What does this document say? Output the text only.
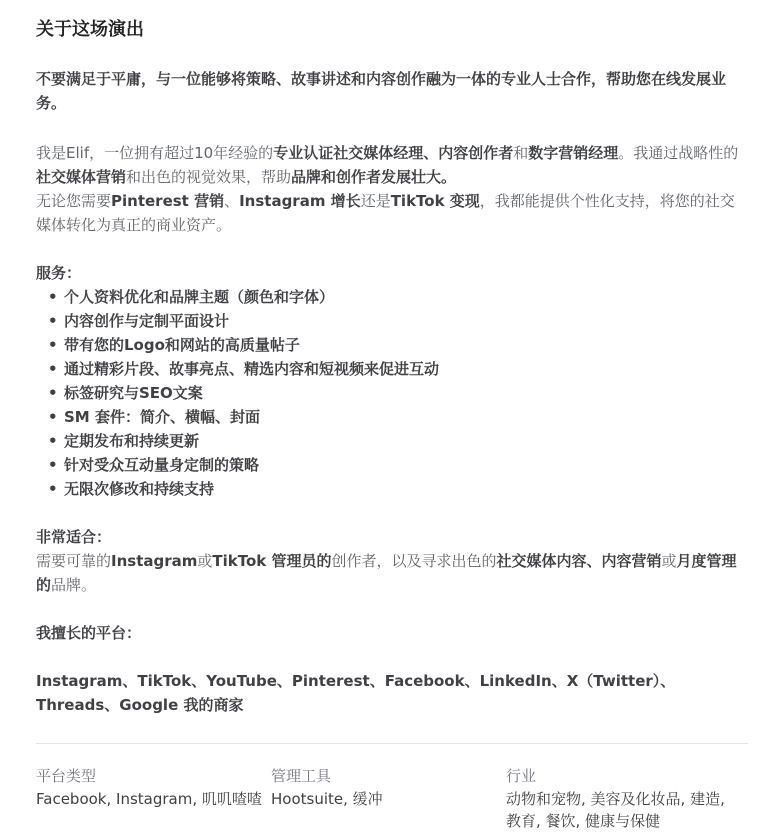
关于这场演出

不要满足于平庸，与一位能够将策略、故事讲述和内容创作融为一体的专业人士合作，帮助您在线发展业务。

我是Elif，一位拥有超过10年经验的专业认证社交媒体经理、内容创作者和数字营销经理。我通过战略性的社交媒体营销和出色的视觉效果，帮助品牌和创作者发展壮大。

无论您需要Pinterest 营销、Instagram 增长还是TikTok 变现，我都能提供个性化支持，将您的社交媒体转化为真正的商业资产。

服务：

• 个人资料优化和品牌主题（颜色和字体）
• 内容创作与定制平面设计
• 带有您的Logo和网站的高质量帖子
• 通过精彩片段、故事亮点、精选内容和短视频来促进互动
• 标签研究与SEO文案
• SM 套件：简介、横幅、封面
• 定期发布和持续更新
• 针对受众互动量身定制的策略
• 无限次修改和持续支持

非常适合：

需要可靠的Instagram或TikTok 管理员的创作者，以及寻求出色的社交媒体内容、内容营销或月度管理的品牌。

我擅长的平台：

Instagram、TikTok、YouTube、Pinterest、Facebook、LinkedIn、X（Twitter）、Threads、Google 我的商家

平台类型
Facebook, Instagram, 叽叽喳喳
管理工具
Hootsuite, 缓冲
行业
动物和宠物, 美容及化妆品, 建造, 教育, 餐饮, 健康与保健
